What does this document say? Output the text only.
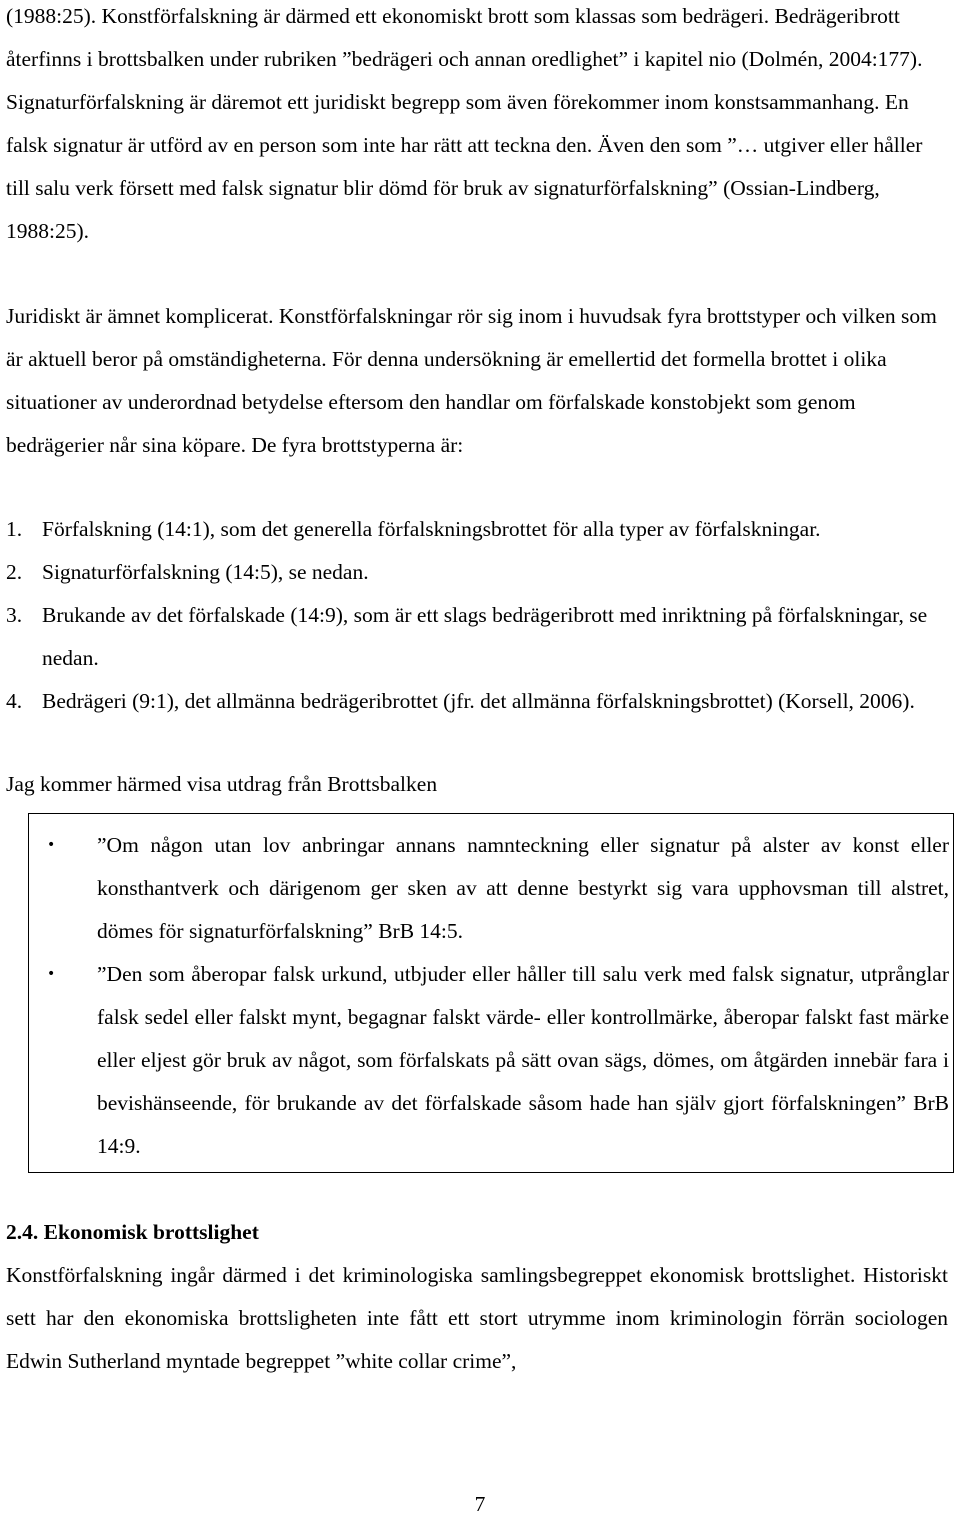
(1988:25). Konstförfalskning är därmed ett ekonomiskt brott som klassas som bedrägeri. Bedrägeribrott återfinns i brottsbalken under rubriken ”bedrägeri och annan oredlighet” i kapitel nio (Dolmén, 2004:177). Signaturförfalskning är däremot ett juridiskt begrepp som även förekommer inom konstsammanhang. En falsk signatur är utförd av en person som inte har rätt att teckna den. Även den som ”… utgiver eller håller till salu verk försett med falsk signatur blir dömd för bruk av signaturförfalskning” (Ossian-Lindberg, 1988:25).

Juridiskt är ämnet komplicerat. Konstförfalskningar rör sig inom i huvudsak fyra brottstyper och vilken som är aktuell beror på omständigheterna. För denna undersökning är emellertid det formella brottet i olika situationer av underordnad betydelse eftersom den handlar om förfalskade konstobjekt som genom bedrägerier når sina köpare. De fyra brottstyperna är:

1. Förfalskning (14:1), som det generella förfalskningsbrottet för alla typer av förfalskningar.
2. Signaturförfalskning (14:5), se nedan.
3. Brukande av det förfalskade (14:9), som är ett slags bedrägeribrott med inriktning på förfalskningar, se nedan.
4. Bedrägeri (9:1), det allmänna bedrägeribrottet (jfr. det allmänna förfalskningsbrottet) (Korsell, 2006).

Jag kommer härmed visa utdrag från Brottsbalken

•	”Om någon utan lov anbringar annans namnteckning eller signatur på alster av konst eller konsthantverk och därigenom ger sken av att denne bestyrkt sig vara upphovsman till alstret, dömes för signaturförfalskning” BrB 14:5.
•	”Den som åberopar falsk urkund, utbjuder eller håller till salu verk med falsk signatur, utprånglar falsk sedel eller falskt mynt, begagnar falskt värde- eller kontrollmärke, åberopar falskt fast märke eller eljest gör bruk av något, som förfalskats på sätt ovan sägs, dömes, om åtgärden innebär fara i bevishänseende, för brukande av det förfalskade såsom hade han själv gjort förfalskningen” BrB 14:9.
2.4. Ekonomisk brottslighet

Konstförfalskning ingår därmed i det kriminologiska samlingsbegreppet ekonomisk brottslighet. Historiskt sett har den ekonomiska brottsligheten inte fått ett stort utrymme inom kriminologin förrän sociologen Edwin Sutherland myntade begreppet ”white collar crime”,

7
